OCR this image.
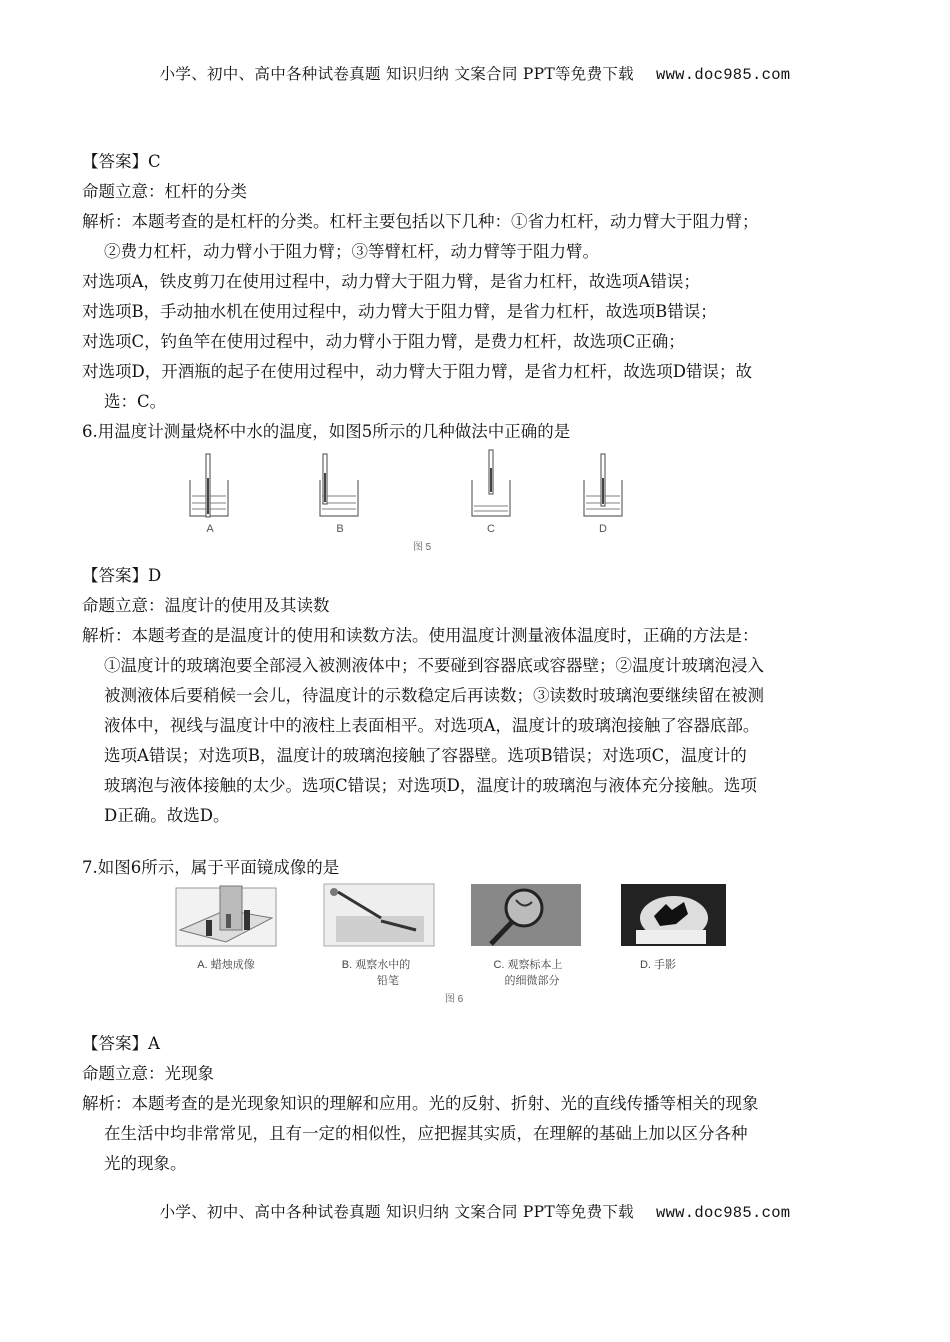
小学、初中、高中各种试卷真题 知识归纳 文案合同 PPT等免费下载 www.doc985.com
【答案】C
命题立意：杠杆的分类
解析：本题考查的是杠杆的分类。杠杆主要包括以下几种：①省力杠杆，动力臂大于阻力臂；
②费力杠杆，动力臂小于阻力臂；③等臂杠杆，动力臂等于阻力臂。
对选项A，铁皮剪刀在使用过程中，动力臂大于阻力臂，是省力杠杆，故选项A错误；
对选项B，手动抽水机在使用过程中，动力臂大于阻力臂，是省力杠杆，故选项B错误；
对选项C，钓鱼竿在使用过程中，动力臂小于阻力臂，是费力杠杆，故选项C正确；
对选项D，开酒瓶的起子在使用过程中，动力臂大于阻力臂，是省力杠杆，故选项D错误；故
选：C。
6.用温度计测量烧杯中水的温度，如图5所示的几种做法中正确的是
A	B	C	D
图 5
【答案】D
命题立意：温度计的使用及其读数
解析：本题考查的是温度计的使用和读数方法。使用温度计测量液体温度时，正确的方法是：
①温度计的玻璃泡要全部浸入被测液体中；不要碰到容器底或容器壁；②温度计玻璃泡浸入
被测液体后要稍候一会儿，待温度计的示数稳定后再读数；③读数时玻璃泡要继续留在被测
液体中，视线与温度计中的液柱上表面相平。对选项A，温度计的玻璃泡接触了容器底部。
选项A错误；对选项B，温度计的玻璃泡接触了容器壁。选项B错误；对选项C，温度计的
玻璃泡与液体接触的太少。选项C错误；对选项D，温度计的玻璃泡与液体充分接触。选项
D正确。故选D。
7.如图6所示，属于平面镜成像的是
A. 蜡烛成像	B. 观察水中的
铅笔
C. 观察标本上
的细微部分
D. 手影
图 6
【答案】A
命题立意：光现象
解析：本题考查的是光现象知识的理解和应用。光的反射、折射、光的直线传播等相关的现象
在生活中均非常常见，且有一定的相似性，应把握其实质，在理解的基础上加以区分各种
光的现象。
小学、初中、高中各种试卷真题 知识归纳 文案合同 PPT等免费下载 www.doc985.com
